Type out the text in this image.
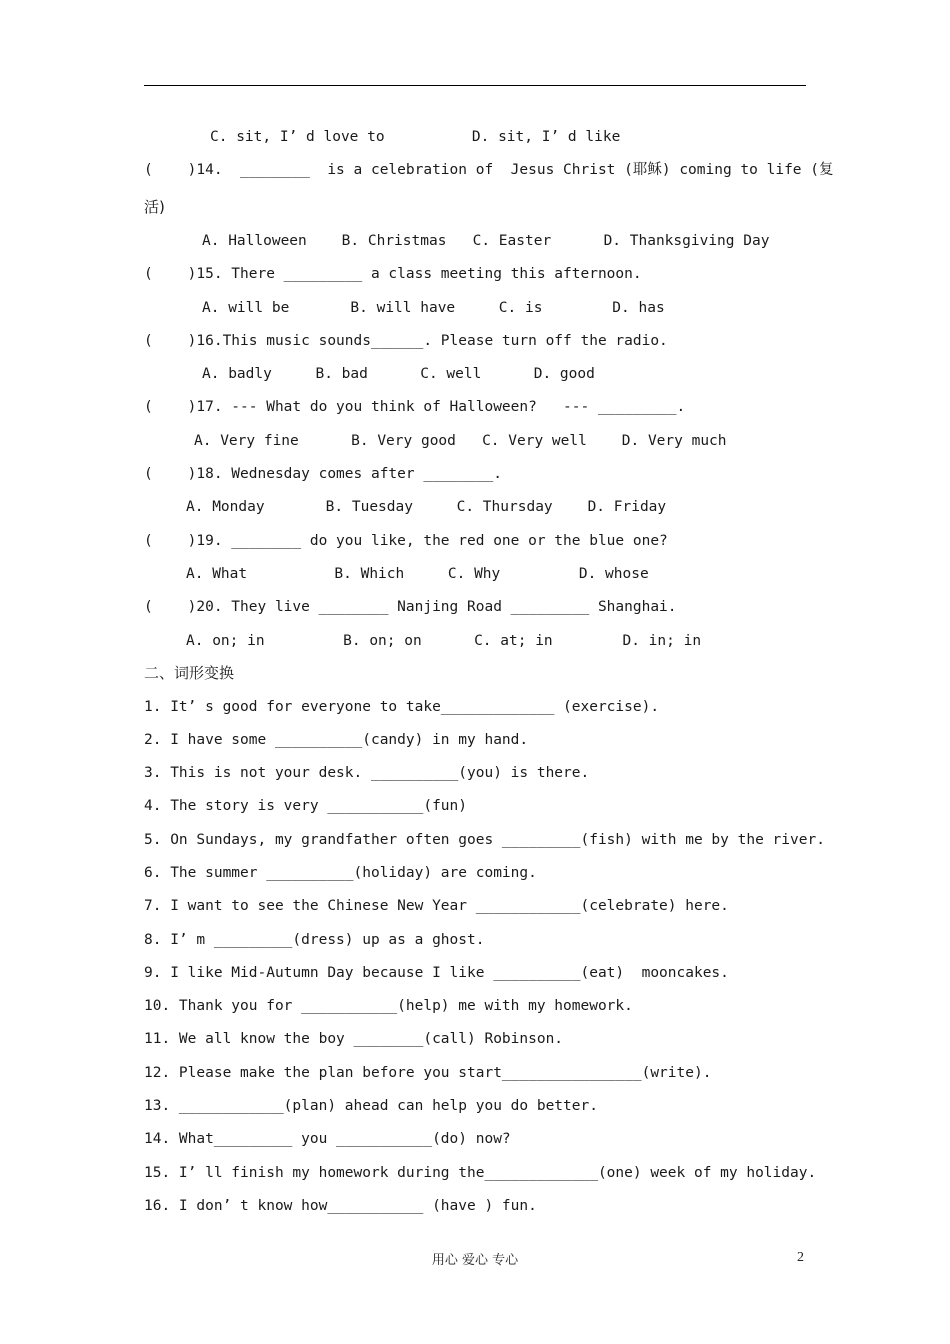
C. sit, I’ d love to          D. sit, I’ d like
(    )14.  ________  is a celebration of  Jesus Christ (耶稣) coming to life (复
活)
A. Halloween    B. Christmas   C. Easter      D. Thanksgiving Day
(    )15. There _________ a class meeting this afternoon.
A. will be       B. will have     C. is        D. has
(    )16.This music sounds______. Please turn off the radio.
A. badly     B. bad      C. well      D. good
(    )17. --- What do you think of Halloween?   --- _________.
A. Very fine      B. Very good   C. Very well    D. Very much
(    )18. Wednesday comes after ________.
A. Monday       B. Tuesday     C. Thursday    D. Friday
(    )19. ________ do you like, the red one or the blue one?
A. What          B. Which     C. Why         D. whose
(    )20. They live ________ Nanjing Road _________ Shanghai.
A. on; in         B. on; on      C. at; in        D. in; in
二、词形变换
1. It’ s good for everyone to take_____________ (exercise).
2. I have some __________(candy) in my hand.
3. This is not your desk. __________(you) is there.
4. The story is very ___________(fun)
5. On Sundays, my grandfather often goes _________(fish) with me by the river.
6. The summer __________(holiday) are coming.
7. I want to see the Chinese New Year ____________(celebrate) here.
8. I’ m _________(dress) up as a ghost.
9. I like Mid-Autumn Day because I like __________(eat)  mooncakes.
10. Thank you for ___________(help) me with my homework.
11. We all know the boy ________(call) Robinson.
12. Please make the plan before you start________________(write).
13. ____________(plan) ahead can help you do better.
14. What_________ you ___________(do) now?
15. I’ ll finish my homework during the_____________(one) week of my holiday.
16. I don’ t know how___________ (have ) fun.
用心 爱心 专心	2
